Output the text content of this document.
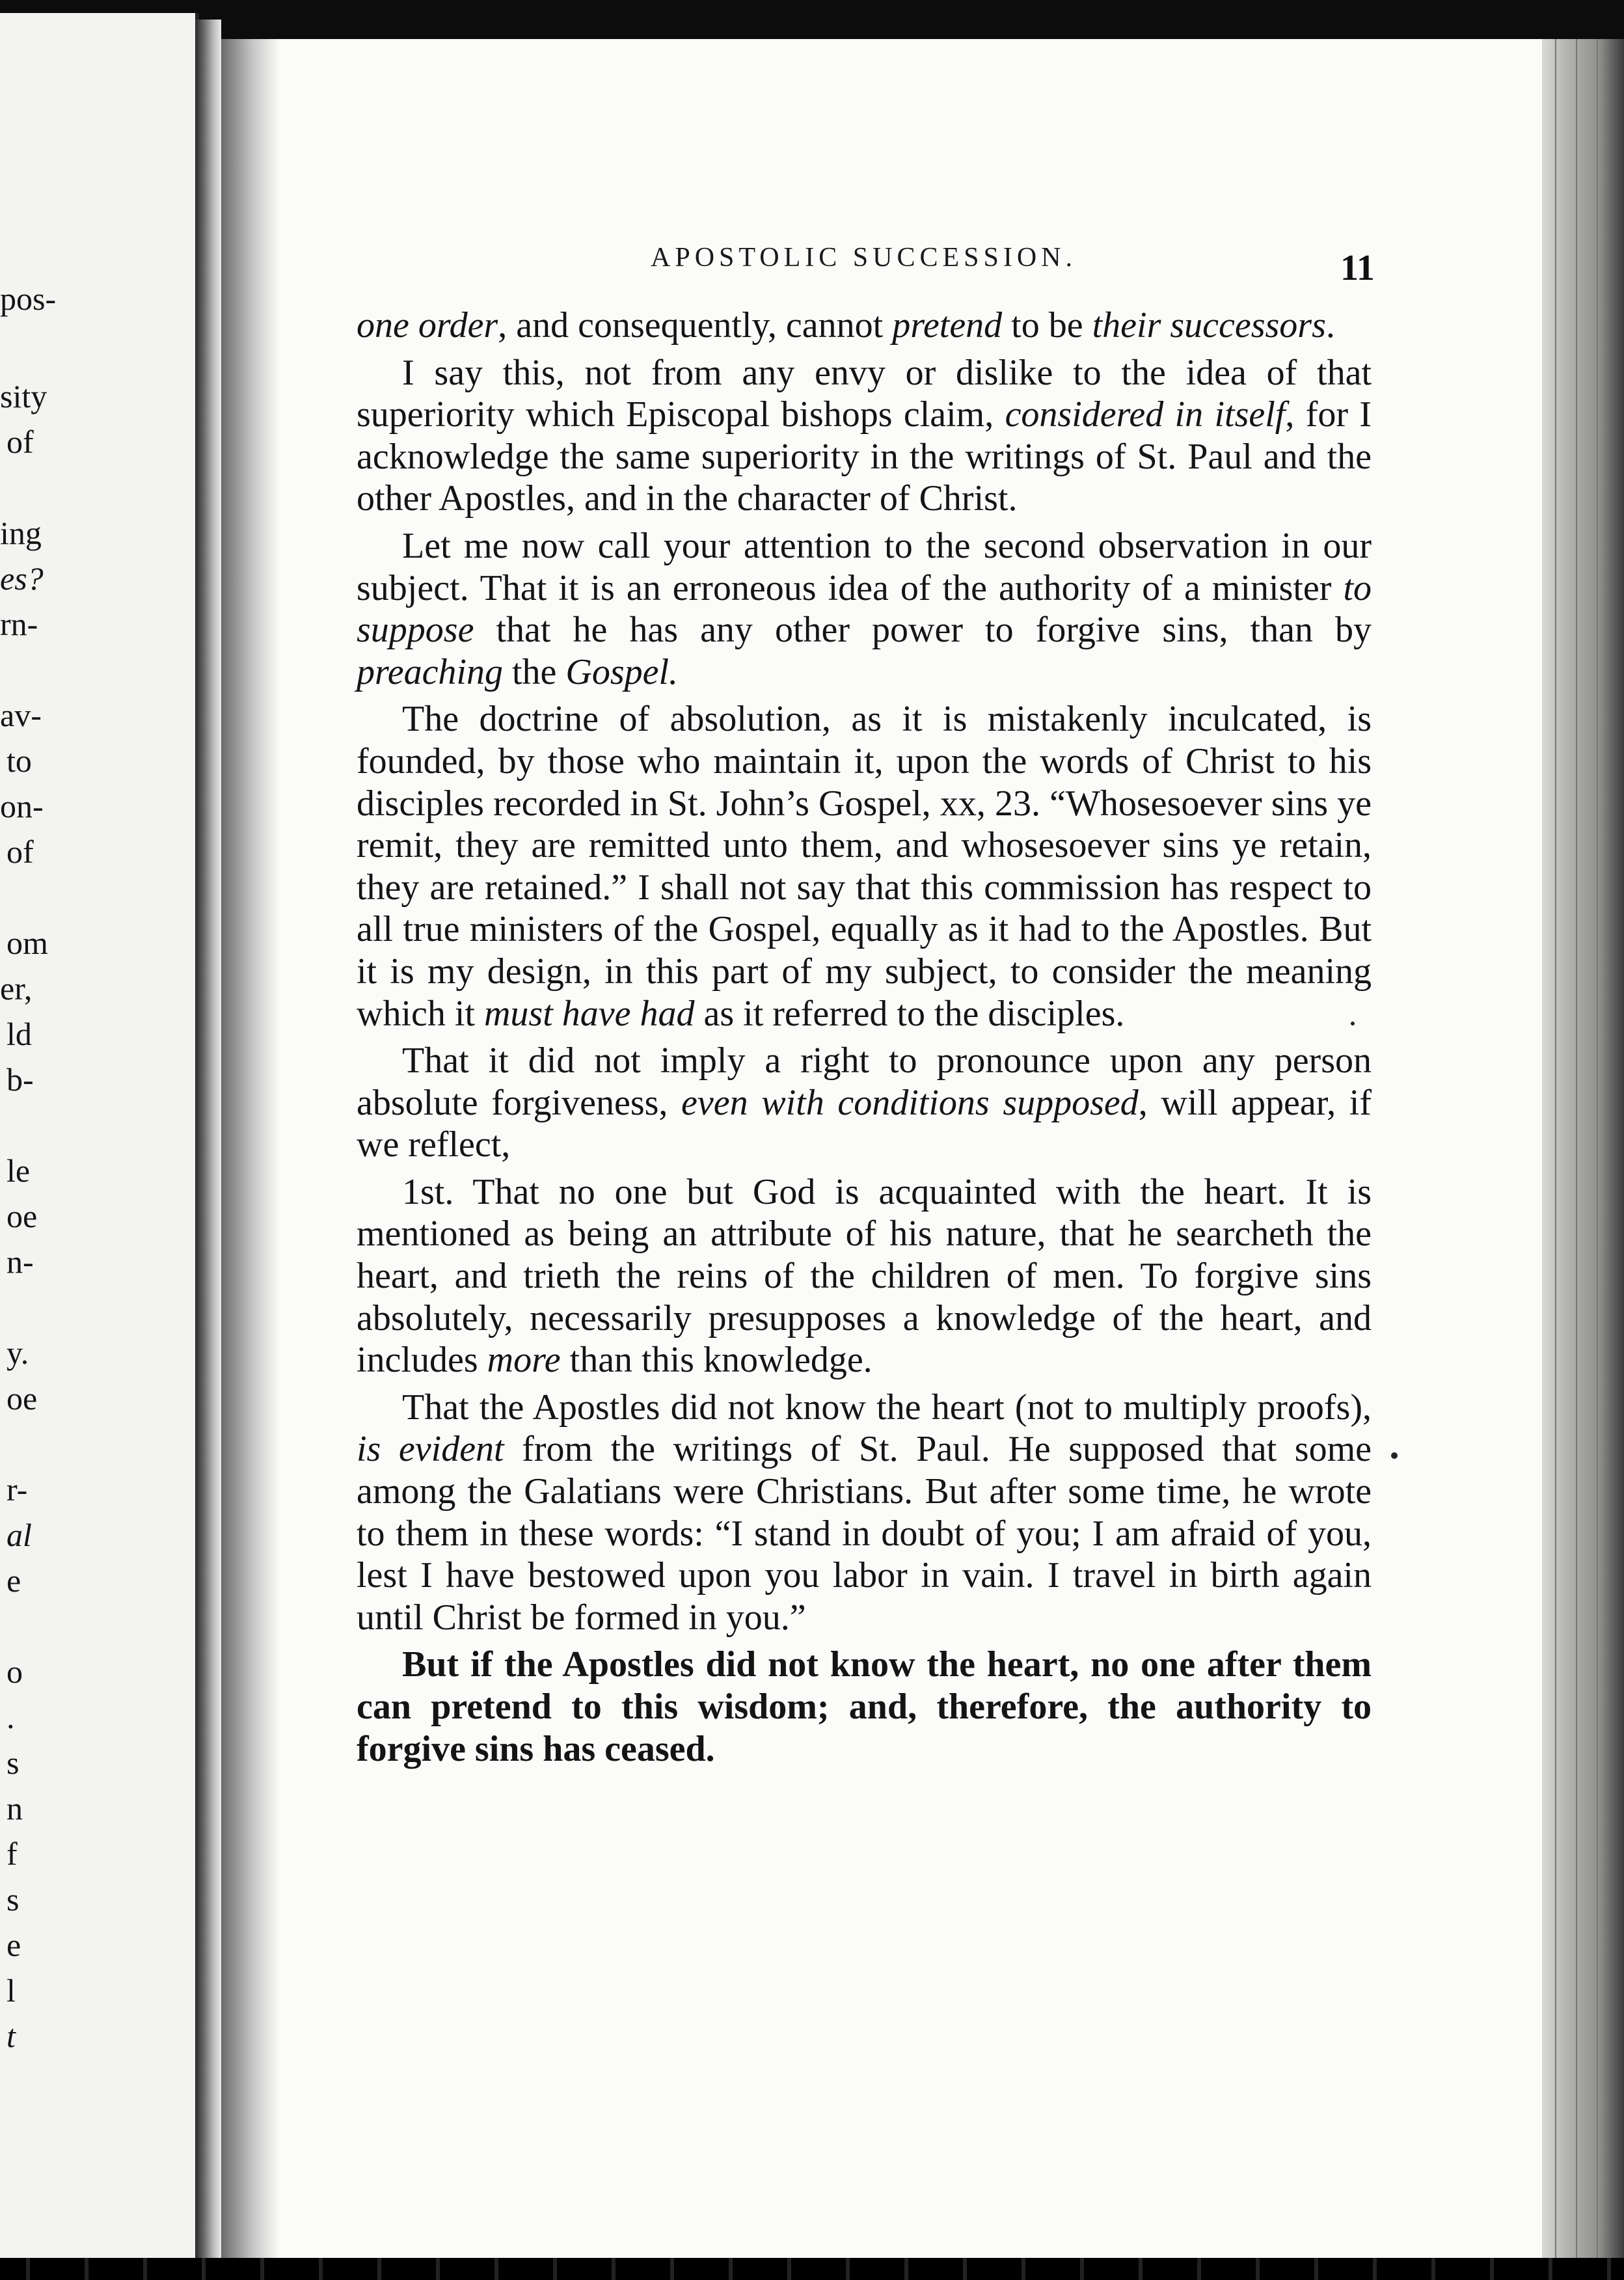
pos-
sity
of
ing
es?
rn-
av-
to
on-
of
om
er,
ld
b-
le
oe
n-
y.
oe
r-
al
e
o
.
s
n
f
s
e
l
t
APOSTOLIC SUCCESSION.	11

one order, and consequently, cannot pretend to be their successors.

I say this, not from any envy or dislike to the idea of that superiority which Episcopal bishops claim, considered in itself, for I acknowledge the same superiority in the writings of St. Paul and the other Apostles, and in the character of Christ.

Let me now call your attention to the second observation in our subject. That it is an erroneous idea of the authority of a minister to suppose that he has any other power to forgive sins, than by preaching the Gospel.

The doctrine of absolution, as it is mistakenly inculcated, is founded, by those who maintain it, upon the words of Christ to his disciples recorded in St. John’s Gospel, xx, 23. “Whosesoever sins ye remit, they are remitted unto them, and whosesoever sins ye retain, they are retained.” I shall not say that this commission has respect to all true ministers of the Gospel, equally as it had to the Apostles. But it is my design, in this part of my subject, to consider the meaning which it must have had as it referred to the disciples.

That it did not imply a right to pronounce upon any person absolute forgiveness, even with conditions supposed, will appear, if we reflect,

1st. That no one but God is acquainted with the heart. It is mentioned as being an attribute of his nature, that he searcheth the heart, and trieth the reins of the children of men. To forgive sins absolutely, necessarily presupposes a knowledge of the heart, and includes more than this knowledge.

That the Apostles did not know the heart (not to multiply proofs), is evident from the writings of St. Paul. He supposed that some among the Galatians were Christians. But after some time, he wrote to them in these words: “I stand in doubt of you; I am afraid of you, lest I have bestowed upon you labor in vain. I travel in birth again until Christ be formed in you.”

But if the Apostles did not know the heart, no one after them can pretend to this wisdom; and, therefore, the authority to forgive sins has ceased.
